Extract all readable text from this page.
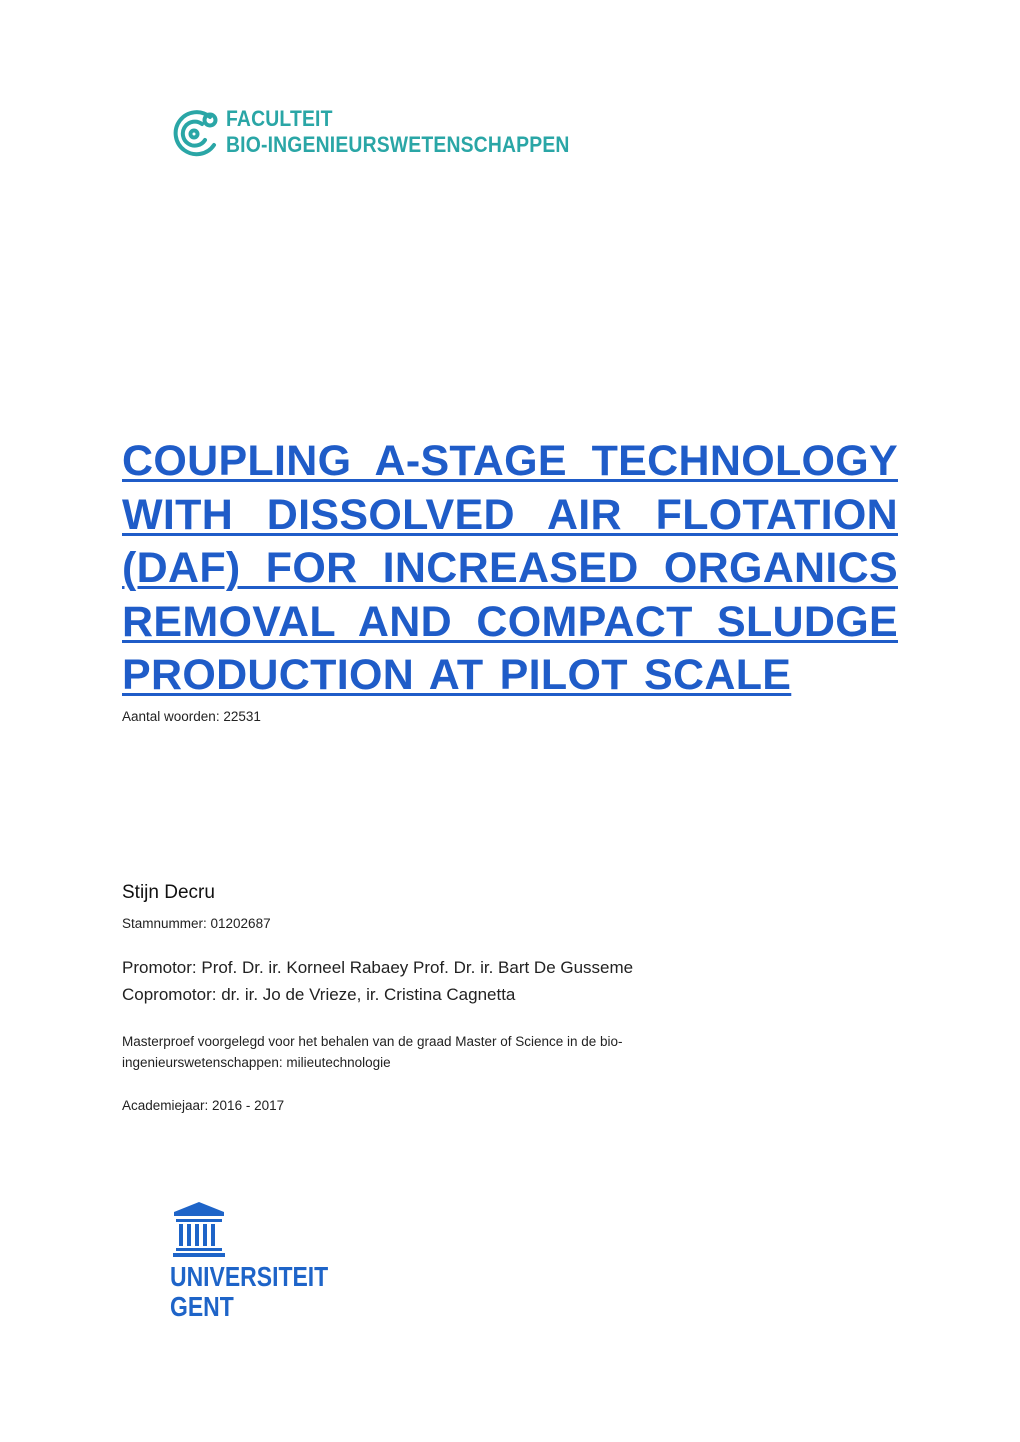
FACULTEIT
BIO-INGENIEURSWETENSCHAPPEN
COUPLING A-STAGE TECHNOLOGY WITH DISSOLVED AIR FLOTATION (DAF) FOR INCREASED ORGANICS REMOVAL AND COMPACT SLUDGE PRODUCTION AT PILOT SCALE
Aantal woorden: 22531
Stijn Decru
Stamnummer: 01202687
Promotor: Prof. Dr. ir. Korneel Rabaey Prof. Dr. ir. Bart De Gusseme
Copromotor: dr. ir. Jo de Vrieze, ir. Cristina Cagnetta
Masterproef voorgelegd voor het behalen van de graad Master of Science in de bio-ingenieurswetenschappen: milieutechnologie
Academiejaar: 2016 - 2017
UNIVERSITEIT
GENT
